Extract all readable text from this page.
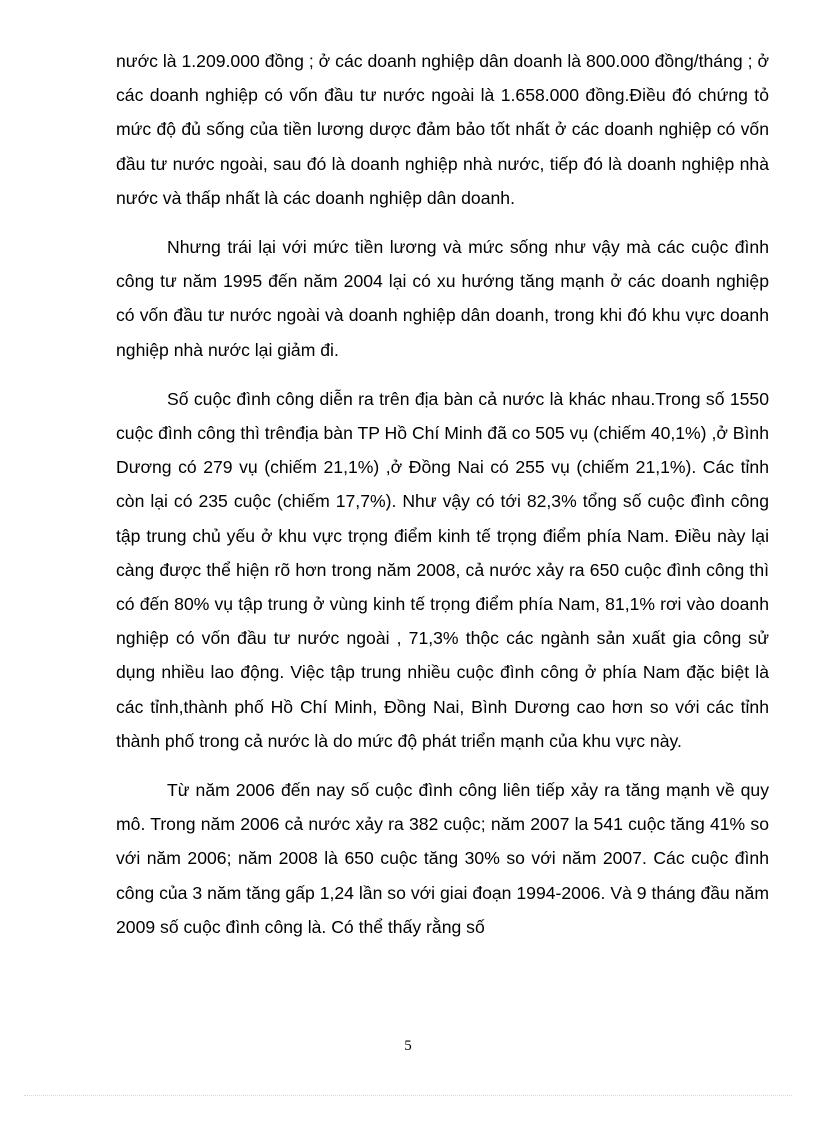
nước là 1.209.000 đồng ; ở các doanh nghiệp dân doanh là 800.000 đồng/tháng ; ở các doanh nghiệp có vốn đầu tư nước ngoài là 1.658.000 đồng.Điều đó chứng tỏ mức độ đủ sống của tiền lương dược đảm bảo tốt nhất ở các doanh nghiệp có vốn đầu tư nước ngoài, sau đó là doanh nghiệp nhà nước, tiếp đó là doanh nghiệp nhà nước và thấp nhất là các doanh nghiệp dân doanh.

Nhưng trái lại với mức tiền lương và mức sống như vậy mà các cuộc đình công tư năm 1995 đến năm 2004 lại có xu hướng tăng mạnh ở các doanh nghiệp có vốn đầu tư nước ngoài và doanh nghiệp dân doanh, trong khi đó khu vực doanh nghiệp nhà nước lại giảm đi.

Số cuộc đình công diễn ra trên địa bàn cả nước là khác nhau.Trong số 1550 cuộc đình công thì trênđịa bàn TP Hồ Chí Minh đã co 505 vụ (chiếm 40,1%) ,ở Bình Dương có 279 vụ (chiếm 21,1%) ,ở Đồng Nai có 255 vụ (chiếm 21,1%). Các tỉnh còn lại có 235 cuộc (chiếm 17,7%). Như vậy có tới 82,3% tổng số cuộc đình công tập trung chủ yếu ở khu vực trọng điểm kinh tế trọng điểm phía Nam. Điều này lại càng được thể hiện rõ hơn trong năm 2008, cả nước xảy ra 650 cuộc đình công thì có đến 80% vụ tập trung ở vùng kinh tế trọng điểm phía Nam, 81,1% rơi vào doanh nghiệp có vốn đầu tư nước ngoài , 71,3% thộc các ngành sản xuất gia công sử dụng nhiều lao động. Việc tập trung nhiều cuộc đình công ở phía Nam đặc biệt là các tỉnh,thành phố Hồ Chí Minh, Đồng Nai, Bình Dương cao hơn so với các tỉnh thành phố trong cả nước là do mức độ phát triển mạnh của khu vực này.

Từ năm 2006 đến nay số cuộc đình công liên tiếp xảy ra tăng mạnh về quy mô. Trong năm 2006 cả nước xảy ra 382 cuộc; năm 2007 la 541 cuộc tăng 41% so với năm 2006; năm 2008 là 650 cuộc tăng 30% so với năm 2007. Các cuộc đình công của 3 năm tăng gấp 1,24 lần so với giai đoạn 1994-2006. Và 9 tháng đầu năm 2009 số cuộc đình công là. Có thể thấy rằng số

5
